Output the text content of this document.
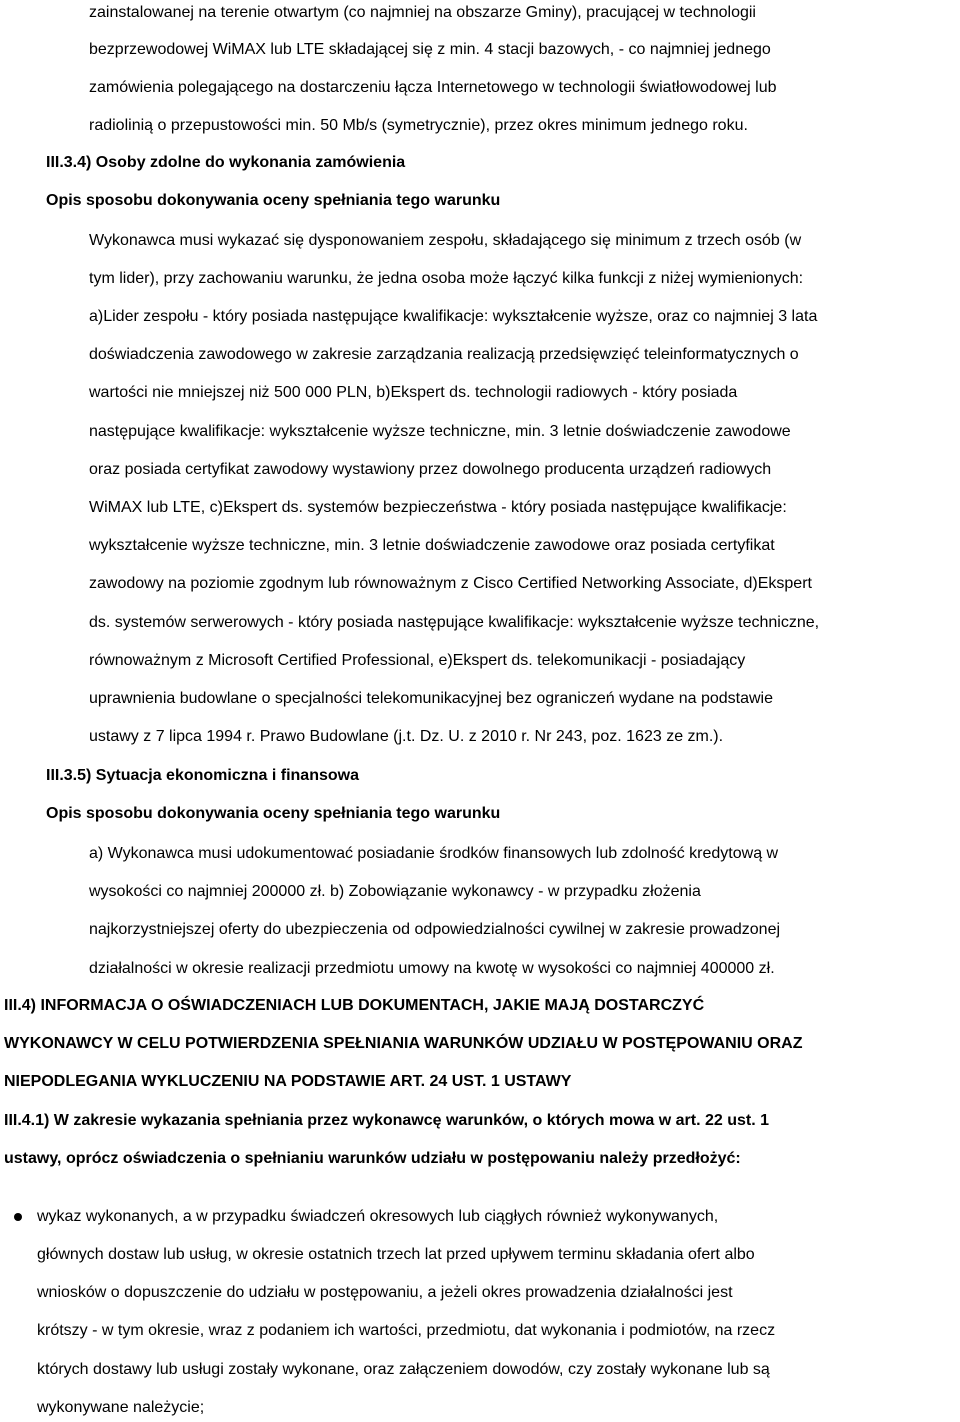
zainstalowanej na terenie otwartym (co najmniej na obszarze Gminy), pracującej w technologii
bezprzewodowej WiMAX lub LTE składającej się z min. 4 stacji bazowych, - co najmniej jednego
zamówienia polegającego na dostarczeniu łącza Internetowego w technologii światłowodowej lub
radiolinią o przepustowości min. 50 Mb/s (symetrycznie), przez okres minimum jednego roku.
III.3.4) Osoby zdolne do wykonania zamówienia
Opis sposobu dokonywania oceny spełniania tego warunku
Wykonawca musi wykazać się dysponowaniem zespołu, składającego się minimum z trzech osób (w
tym lider), przy zachowaniu warunku, że jedna osoba może łączyć kilka funkcji z niżej wymienionych:
a)Lider zespołu - który posiada następujące kwalifikacje: wykształcenie wyższe, oraz co najmniej 3 lata
doświadczenia zawodowego w zakresie zarządzania realizacją przedsięwzięć teleinformatycznych o
wartości nie mniejszej niż 500 000 PLN, b)Ekspert ds. technologii radiowych - który posiada
następujące kwalifikacje: wykształcenie wyższe techniczne, min. 3 letnie doświadczenie zawodowe
oraz posiada certyfikat zawodowy wystawiony przez dowolnego producenta urządzeń radiowych
WiMAX lub LTE, c)Ekspert ds. systemów bezpieczeństwa - który posiada następujące kwalifikacje:
wykształcenie wyższe techniczne, min. 3 letnie doświadczenie zawodowe oraz posiada certyfikat
zawodowy na poziomie zgodnym lub równoważnym z Cisco Certified Networking Associate, d)Ekspert
ds. systemów serwerowych - który posiada następujące kwalifikacje: wykształcenie wyższe techniczne,
równoważnym z Microsoft Certified Professional, e)Ekspert ds. telekomunikacji - posiadający
uprawnienia budowlane o specjalności telekomunikacyjnej bez ograniczeń wydane na podstawie
ustawy z 7 lipca 1994 r. Prawo Budowlane (j.t. Dz. U. z 2010 r. Nr 243, poz. 1623 ze zm.).
III.3.5) Sytuacja ekonomiczna i finansowa
Opis sposobu dokonywania oceny spełniania tego warunku
a) Wykonawca musi udokumentować posiadanie środków finansowych lub zdolność kredytową w
wysokości co najmniej 200000 zł. b) Zobowiązanie wykonawcy - w przypadku złożenia
najkorzystniejszej oferty do ubezpieczenia od odpowiedzialności cywilnej w zakresie prowadzonej
działalności w okresie realizacji przedmiotu umowy na kwotę w wysokości co najmniej 400000 zł.
III.4) INFORMACJA O OŚWIADCZENIACH LUB DOKUMENTACH, JAKIE MAJĄ DOSTARCZYĆ
WYKONAWCY W CELU POTWIERDZENIA SPEŁNIANIA WARUNKÓW UDZIAŁU W POSTĘPOWANIU ORAZ
NIEPODLEGANIA WYKLUCZENIU NA PODSTAWIE ART. 24 UST. 1 USTAWY
III.4.1) W zakresie wykazania spełniania przez wykonawcę warunków, o których mowa w art. 22 ust. 1
ustawy, oprócz oświadczenia o spełnianiu warunków udziału w postępowaniu należy przedłożyć:
wykaz wykonanych, a w przypadku świadczeń okresowych lub ciągłych również wykonywanych,
głównych dostaw lub usług, w okresie ostatnich trzech lat przed upływem terminu składania ofert albo
wniosków o dopuszczenie do udziału w postępowaniu, a jeżeli okres prowadzenia działalności jest
krótszy - w tym okresie, wraz z podaniem ich wartości, przedmiotu, dat wykonania i podmiotów, na rzecz
których dostawy lub usługi zostały wykonane, oraz załączeniem dowodów, czy zostały wykonane lub są
wykonywane należycie;
